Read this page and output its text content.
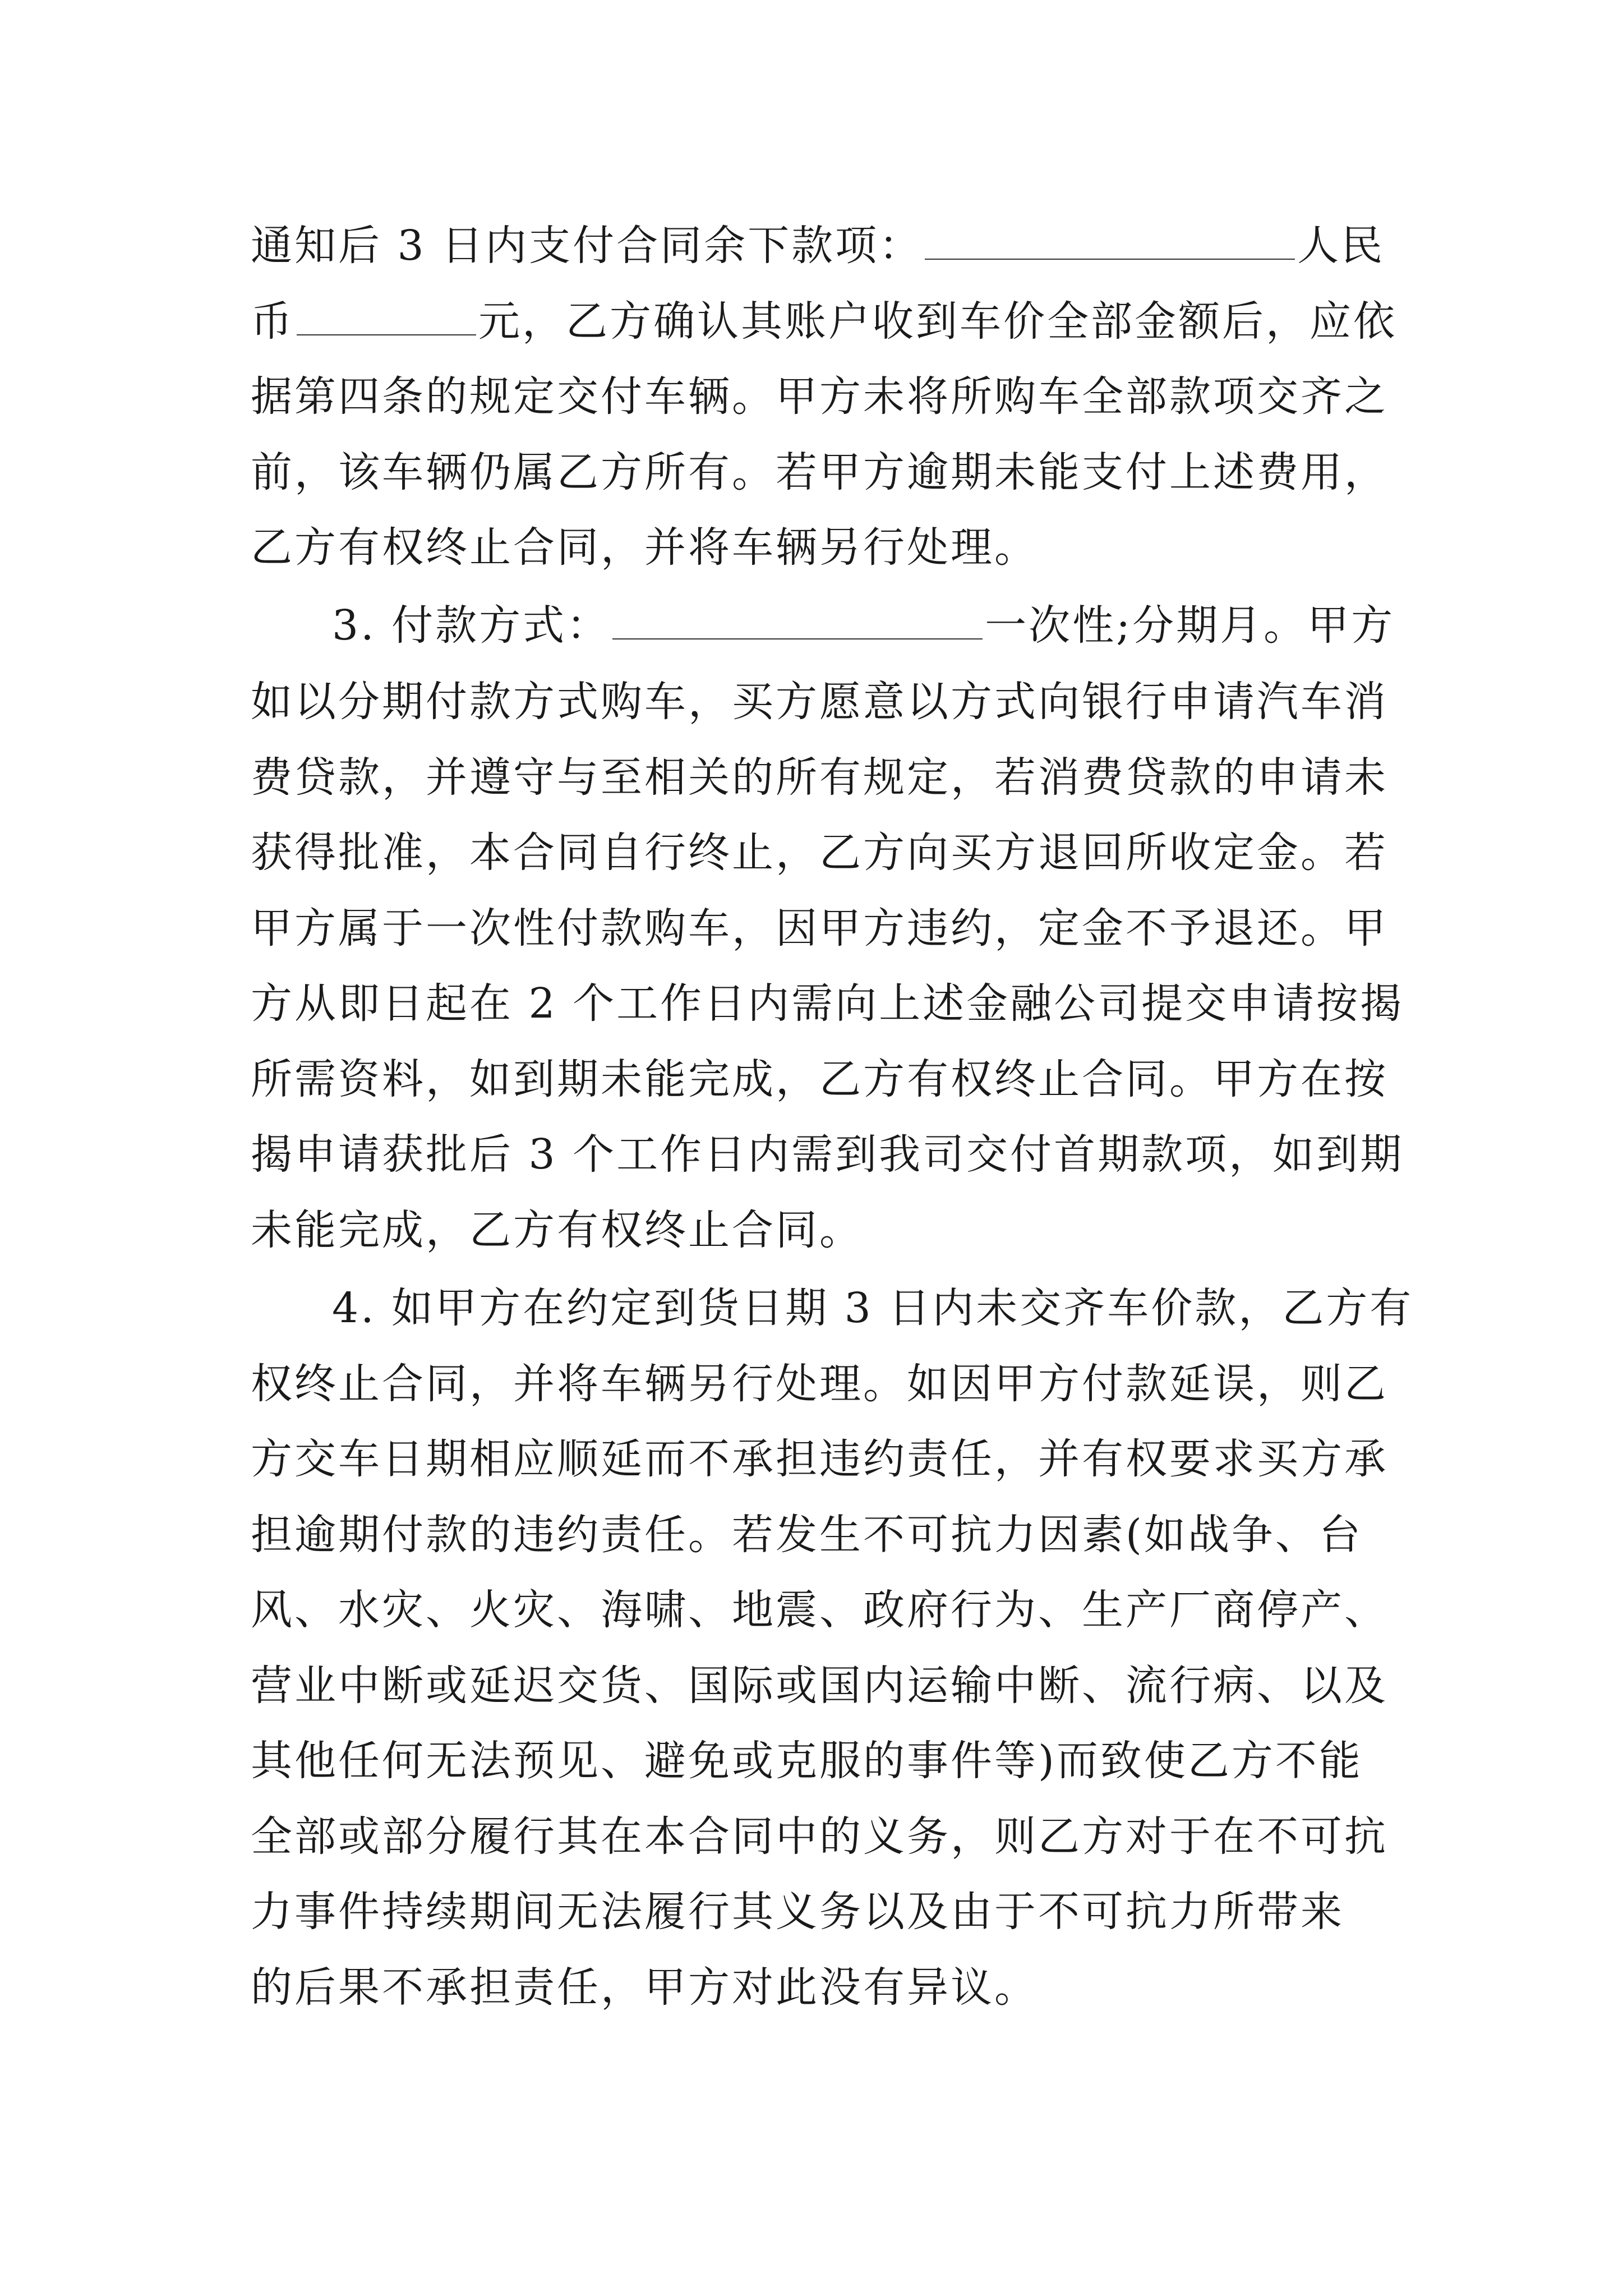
通知后 3 日内支付合同余下款项：	人民
币	元，乙方确认其账户收到车价全部金额后，应依
据第四条的规定交付车辆。甲方未将所购车全部款项交齐之
前，该车辆仍属乙方所有。若甲方逾期未能支付上述费用，
乙方有权终止合同，并将车辆另行处理。
3. 付款方式：	一次性;分期月。甲方
如以分期付款方式购车，买方愿意以方式向银行申请汽车消
费贷款，并遵守与至相关的所有规定，若消费贷款的申请未
获得批准，本合同自行终止，乙方向买方退回所收定金。若
甲方属于一次性付款购车，因甲方违约，定金不予退还。甲
方从即日起在 2 个工作日内需向上述金融公司提交申请按揭
所需资料，如到期未能完成，乙方有权终止合同。甲方在按
揭申请获批后 3 个工作日内需到我司交付首期款项，如到期
未能完成，乙方有权终止合同。
4. 如甲方在约定到货日期 3 日内未交齐车价款，乙方有
权终止合同，并将车辆另行处理。如因甲方付款延误，则乙
方交车日期相应顺延而不承担违约责任，并有权要求买方承
担逾期付款的违约责任。若发生不可抗力因素(如战争、台
风、水灾、火灾、海啸、地震、政府行为、生产厂商停产、
营业中断或延迟交货、国际或国内运输中断、流行病、以及
其他任何无法预见、避免或克服的事件等)而致使乙方不能
全部或部分履行其在本合同中的义务，则乙方对于在不可抗
力事件持续期间无法履行其义务以及由于不可抗力所带来
的后果不承担责任，甲方对此没有异议。
